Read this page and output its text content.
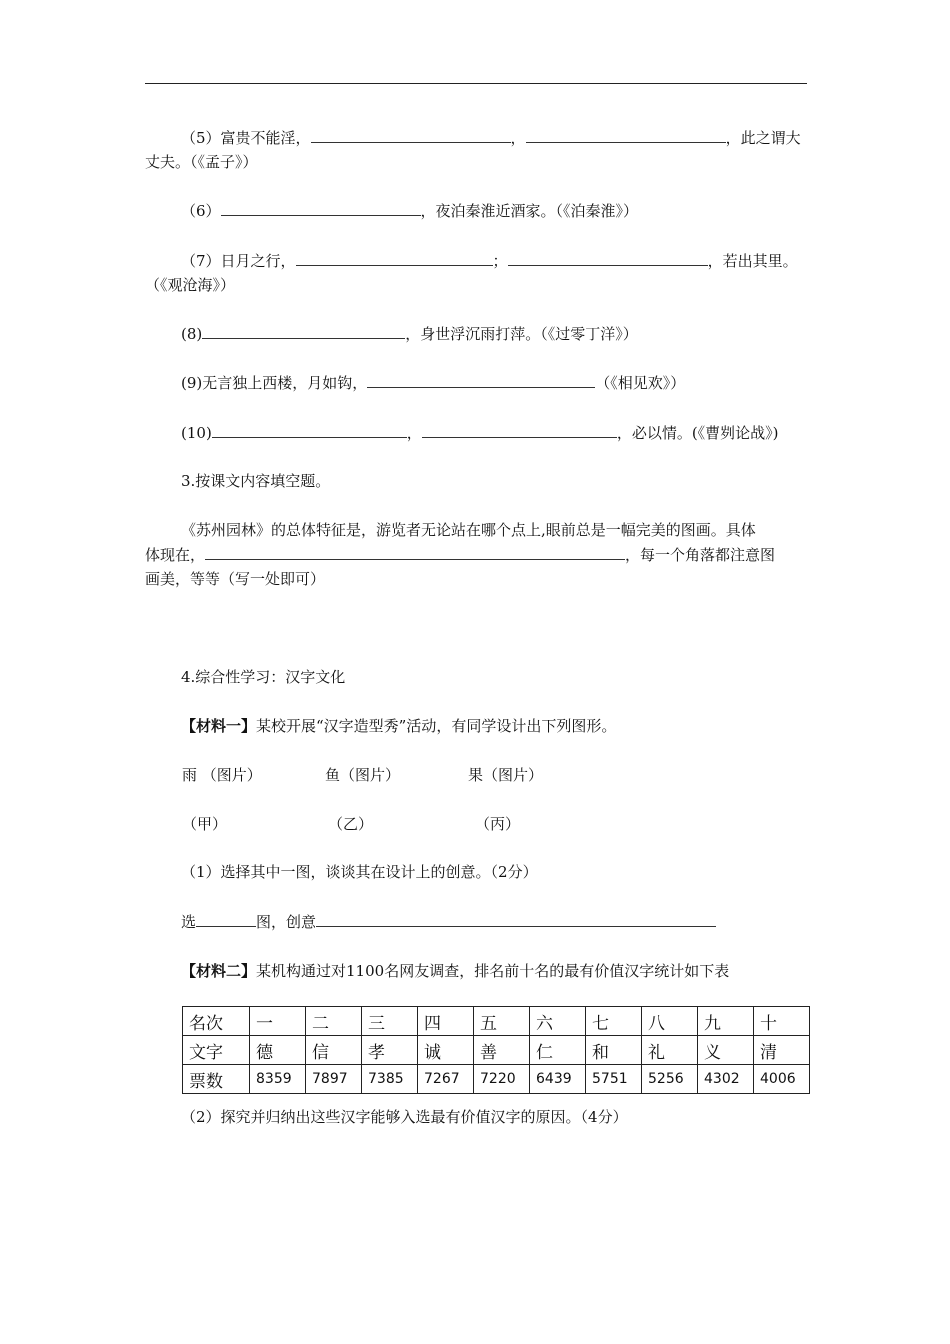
（5）富贵不能淫，	，	，此之谓大
丈夫。（《孟子》）
（6）	，夜泊秦淮近酒家。（《泊秦淮》）
（7）日月之行，	；	，若出其里。
（《观沧海》）
(8)	，身世浮沉雨打萍。（《过零丁洋》）
(9)无言独上西楼，月如钩，	（《相见欢》）
(10)	，	，必以情。(《曹刿论战》)
3.按课文内容填空题。
《苏州园林》的总体特征是，游览者无论站在哪个点上,眼前总是一幅完美的图画。具体
体现在，	，每一个角落都注意图
画美，等等（写一处即可）
4.综合性学习：汉字文化
【材料一】某校开展“汉字造型秀”活动，有同学设计出下列图形。
雨 （图片）	鱼（图片）	果（图片）
（甲）	（乙）	（丙）
（1）选择其中一图，谈谈其在设计上的创意。（2分）
选	图，创意
【材料二】某机构通过对1100名网友调查，排名前十名的最有价值汉字统计如下表
名次	一	二	三	四	五	六	七	八	九	十
文字	德	信	孝	诚	善	仁	和	礼	义	清
票数	8359	7897	7385	7267	7220	6439	5751	5256	4302	4006
（2）探究并归纳出这些汉字能够入选最有价值汉字的原因。（4分）
